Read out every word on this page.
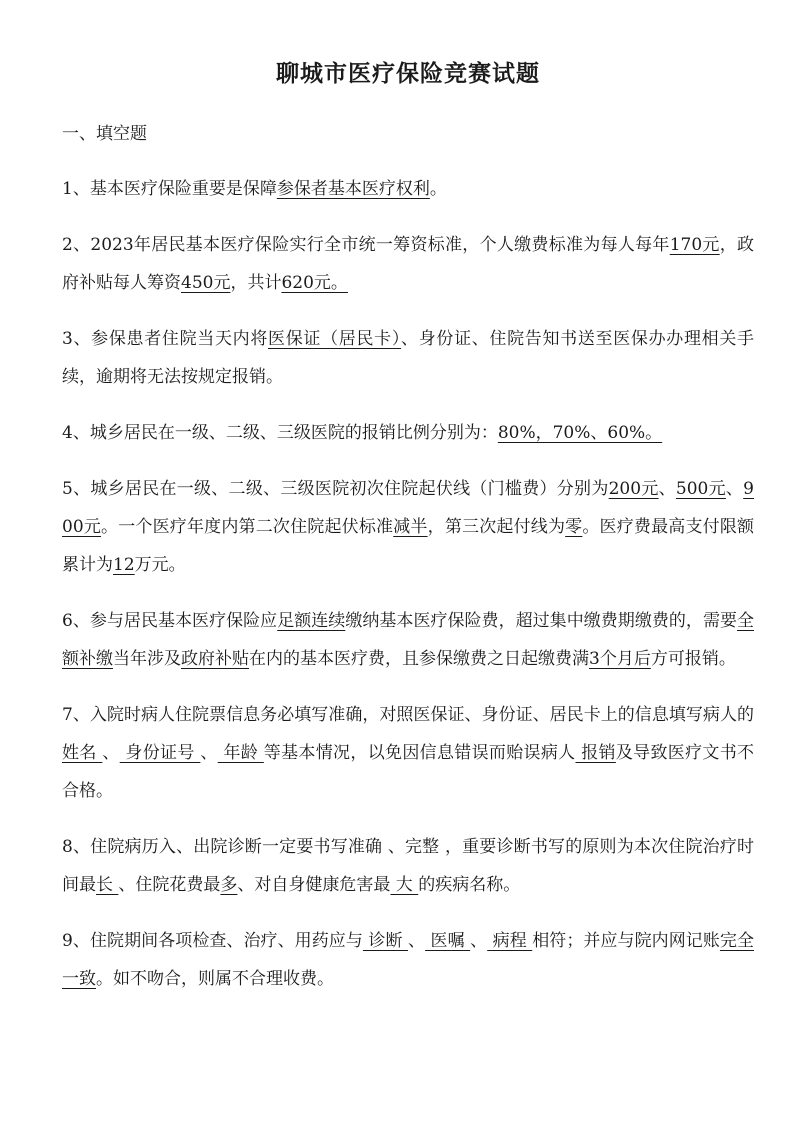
聊城市医疗保险竞赛试题
一、填空题
1、基本医疗保险重要是保障参保者基本医疗权利。
2、2023年居民基本医疗保险实行全市统一筹资标准，个人缴费标准为每人每年170元，政府补贴每人筹资450元，共计620元。
3、参保患者住院当天内将医保证（居民卡）、身份证、住院告知书送至医保办办理相关手续，逾期将无法按规定报销。
4、城乡居民在一级、二级、三级医院的报销比例分别为：80%，70%、60%。
5、城乡居民在一级、二级、三级医院初次住院起伏线（门槛费）分别为200元、500元、900元。一个医疗年度内第二次住院起伏标准减半，第三次起付线为零。医疗费最高支付限额累计为12万元。
6、参与居民基本医疗保险应足额连续缴纳基本医疗保险费，超过集中缴费期缴费的，需要全额补缴当年涉及政府补贴在内的基本医疗费，且参保缴费之日起缴费满3个月后方可报销。
7、入院时病人住院票信息务必填写准确，对照医保证、身份证、居民卡上的信息填写病人的 姓名 、 身份证号 、 年龄 等基本情况，以免因信息错误而贻误病人 报销及导致医疗文书不合格。
8、住院病历入、出院诊断一定要书写准确 、完整 ，重要诊断书写的原则为本次住院治疗时间最长 、住院花费最多、对自身健康危害最 大 的疾病名称。
9、住院期间各项检查、治疗、用药应与 诊断 、 医嘱 、 病程 相符；并应与院内网记账完全一致。如不吻合，则属不合理收费。
